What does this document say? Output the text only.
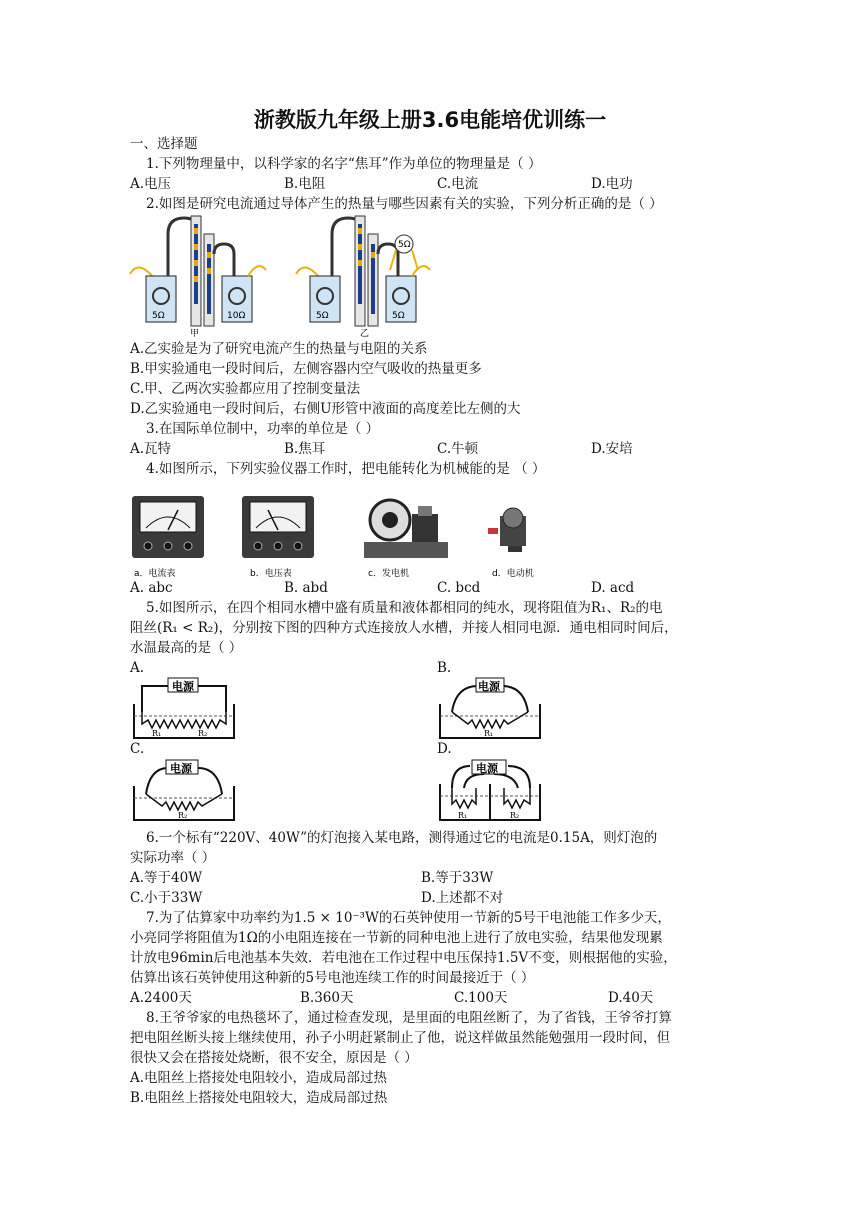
浙教版九年级上册3.6电能培优训练一
一、选择题
1.下列物理量中，以科学家的名字“焦耳”作为单位的物理量是（ ）
A.电压	B.电阻	C.电流	D.电功
2.如图是研究电流通过导体产生的热量与哪些因素有关的实验，下列分析正确的是（ ）
5Ω	10Ω
甲
5Ω
5Ω	5Ω
乙
A.乙实验是为了研究电流产生的热量与电阻的关系
B.甲实验通电一段时间后，左侧容器内空气吸收的热量更多
C.甲、乙两次实验都应用了控制变量法
D.乙实验通电一段时间后，右侧U形管中液面的高度差比左侧的大
3.在国际单位制中，功率的单位是（ ）
A.瓦特	B.焦耳	C.牛顿	D.安培
4.如图所示，下列实验仪器工作时，把电能转化为机械能的是 （ ）
a．电流表	b．电压表	c．发电机	d．电动机
A. abc	B. abd	C. bcd	D. acd
5.如图所示，在四个相同水槽中盛有质量和液体都相同的纯水，现将阻值为R₁、R₂的电
阻丝(R₁ < R₂)，分别按下图的四种方式连接放人水槽，并接人相同电源．通电相同时间后，
水温最高的是（ ）
A.	B.
电源
R₁	R₂
电源
R₁
C.	D.
电源
R₂
电源
R₁	R₂
6.一个标有“220V、40W”的灯泡接入某电路，测得通过它的电流是0.15A，则灯泡的
实际功率（ ）
A.等于40W	B.等于33W
C.小于33W	D.上述都不对
7.为了估算家中功率约为1.5 × 10⁻³W的石英钟使用一节新的5号干电池能工作多少天，
小亮同学将阻值为1Ω的小电阻连接在一节新的同种电池上进行了放电实验，结果他发现累
计放电96min后电池基本失效．若电池在工作过程中电压保持1.5V不变，则根据他的实验，
估算出该石英钟使用这种新的5号电池连续工作的时间最接近于（ ）
A.2400天	B.360天	C.100天	D.40天
8.王爷爷家的电热毯坏了，通过检查发现，是里面的电阻丝断了，为了省钱，王爷爷打算
把电阻丝断头接上继续使用，孙子小明赶紧制止了他，说这样做虽然能勉强用一段时间，但
很快又会在搭接处烧断，很不安全，原因是（ ）
A.电阻丝上搭接处电阻较小，造成局部过热
B.电阻丝上搭接处电阻较大，造成局部过热
